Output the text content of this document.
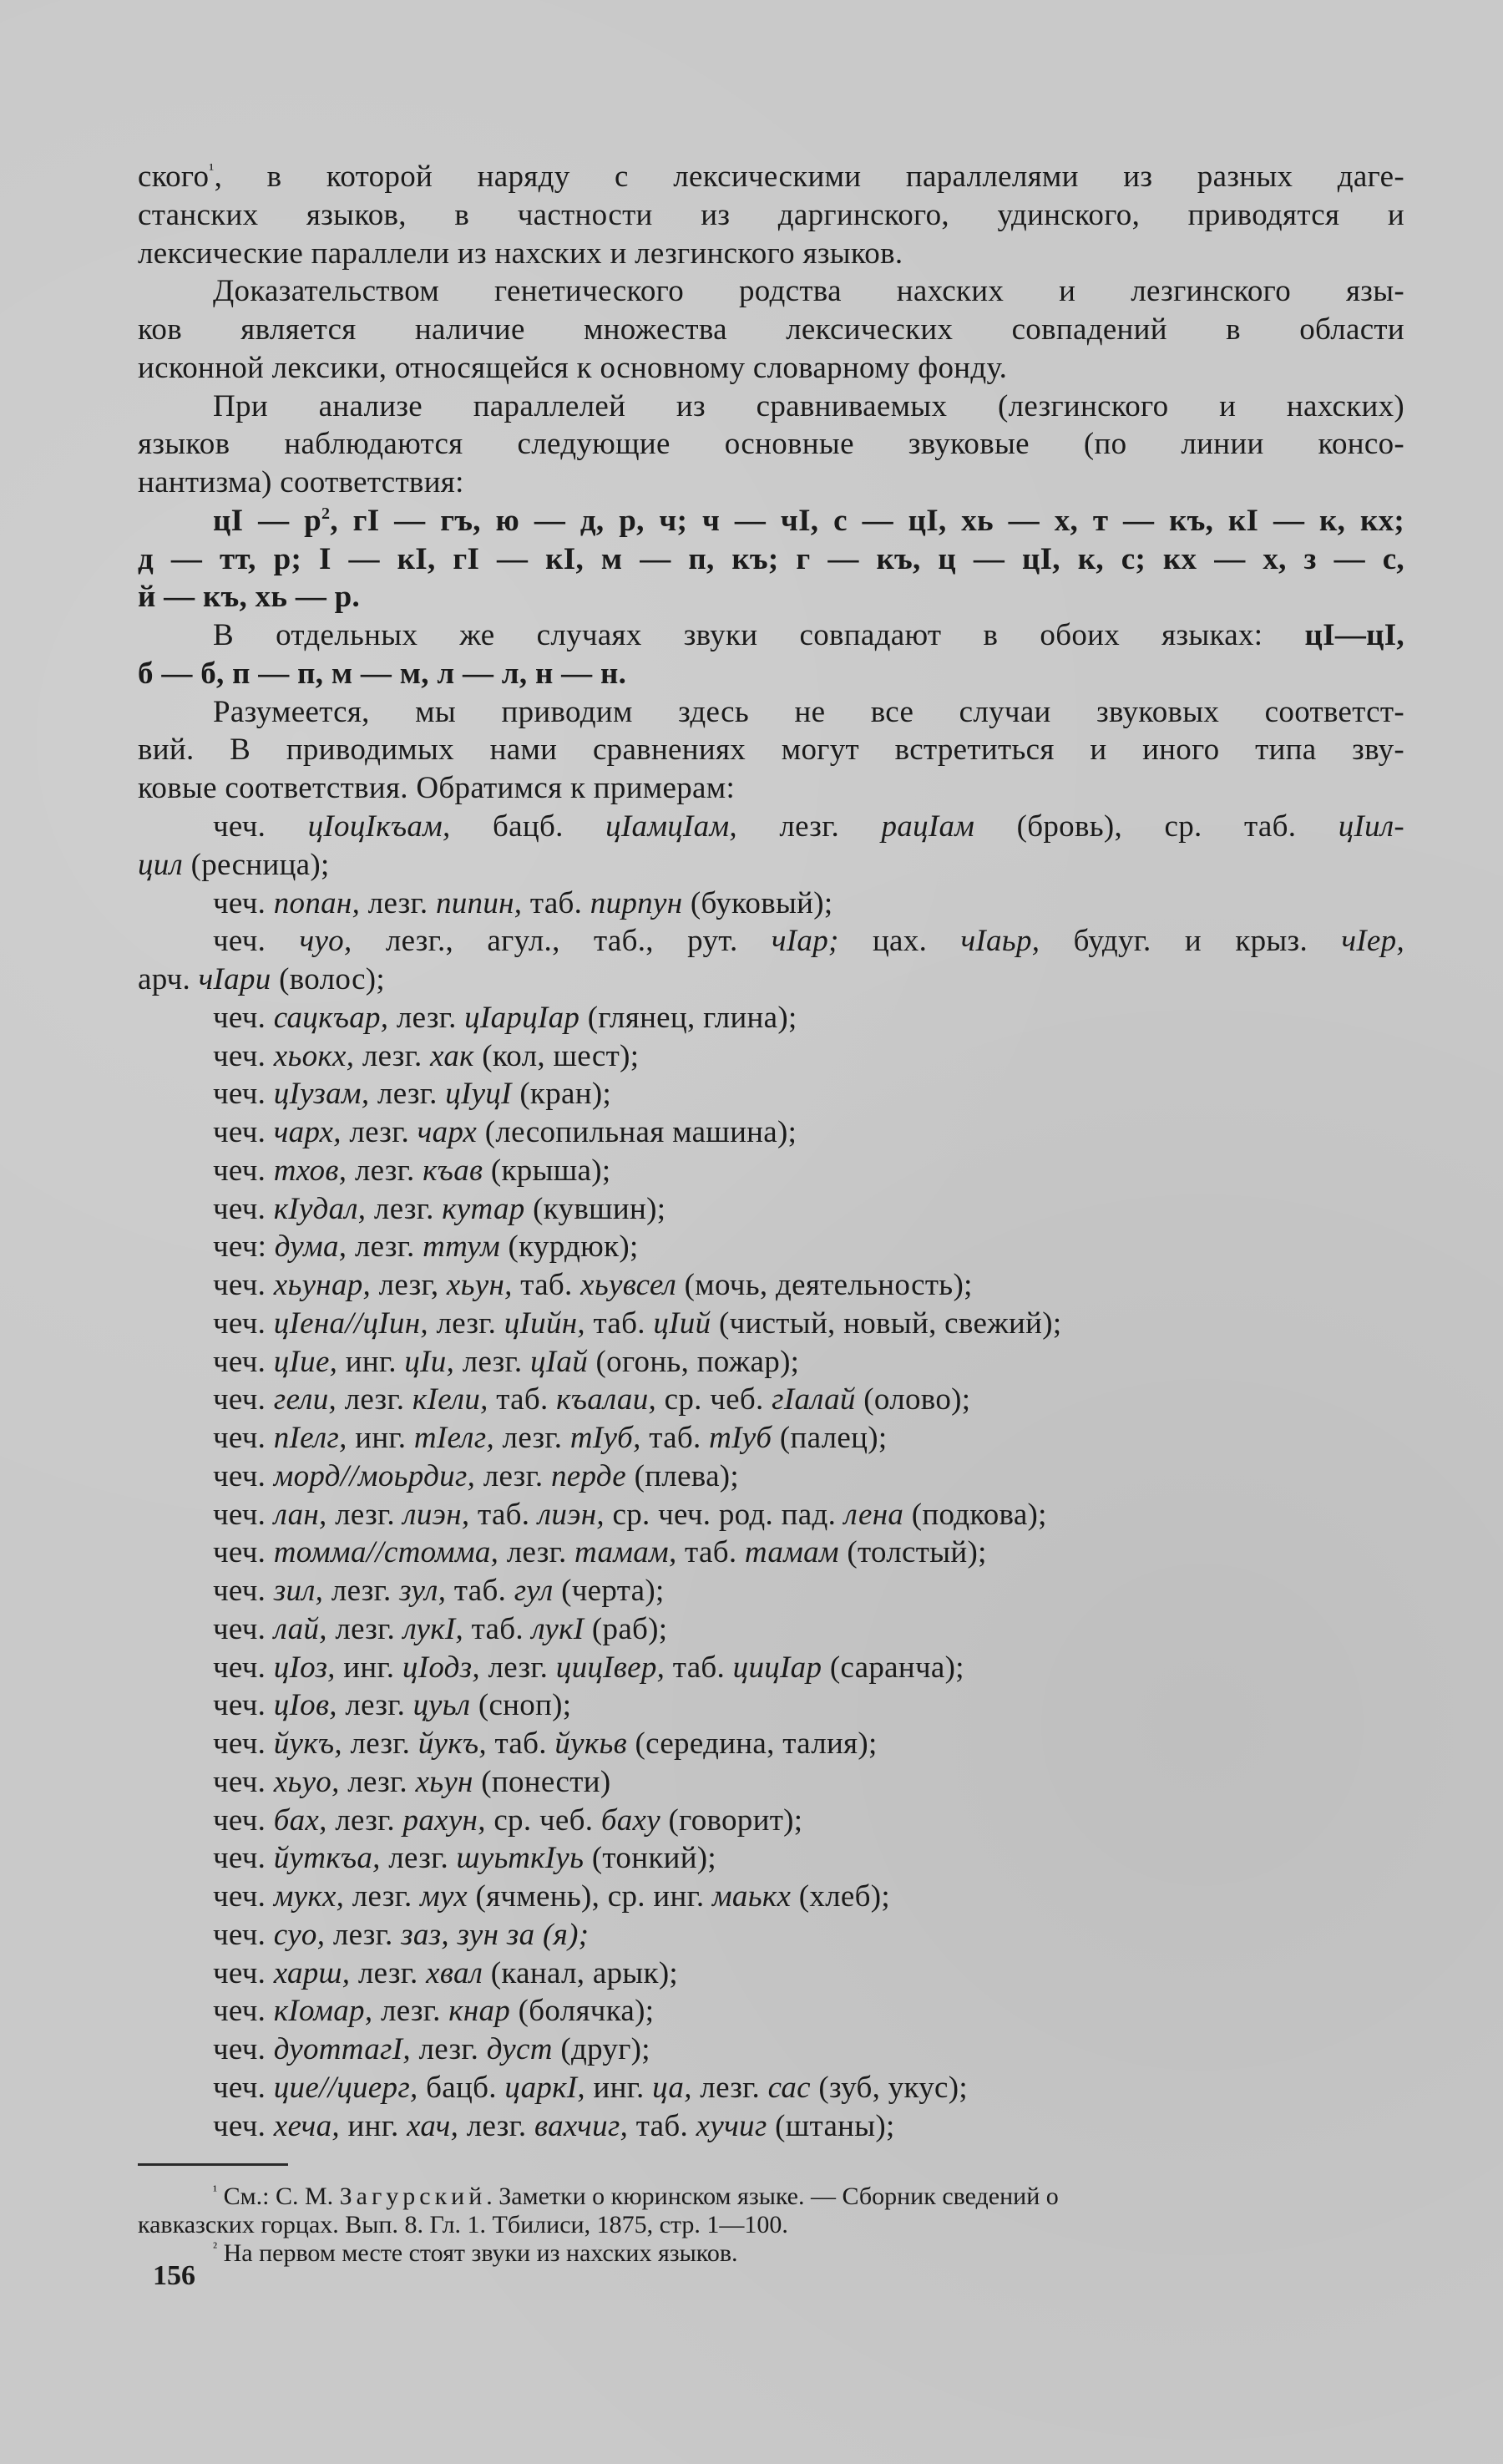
ского$^{^1}$, в которой наряду с лексическими параллелями из разных даге-
станских языков, в частности из даргинского, удинского, приводятся и
лексические параллели из нахских и лезгинского языков.
Доказательством генетического родства нахских и лезгинского язы-
ков является наличие множества лексических совпадений в области
исконной лексики, относящейся к основному словарному фонду.
При анализе параллелей из сравниваемых (лезгинского и нахских)
языков наблюдаются следующие основные звуковые (по линии консо-
нантизма) соответствия:
цI — $р^2$, гI — гъ, ю — д, р, ч; ч — чI, с — цI, хь — х, т — къ, кI — к, кх;
д — тт, р; I — кI, гI — кI, м — п, къ; г — къ, ц — цI, к, с; кх — х, з — с,
й — къ, хь — р.
В отдельных же случаях звуки совпадают в обоих языках: цI—цI,
б — б, п — п, м — м, л — л, н — н.
Разумеется, мы приводим здесь не все случаи звуковых соответст-
вий. В приводимых нами сравнениях могут встретиться и иного типа зву-
ковые соответствия. Обратимся к примерам:
чеч. цIоцIкъам, бацб. цIамцIам, лезг. рацIам (бровь), ср. таб. цIил-
цил (ресница);
чеч. попан, лезг. пипин, таб. пирпун (буковый);
чеч. чуо, лезг., агул., таб., рут. чIар; цах. чIаьр, будуг. и крыз. чIер,
арч. чIари (волос);
чеч. сацкъар, лезг. цIарцIар (глянец, глина);
чеч. хьокх, лезг. хак (кол, шест);
чеч. цIузам, лезг. цIуцI (кран);
чеч. чарх, лезг. чарх (лесопильная машина);
чеч. тхов, лезг. къав (крыша);
чеч. кIудал, лезг. кутар (кувшин);
чеч: дума, лезг. ттум (курдюк);
чеч. хьунар, лезг, хьун, таб. хьувсел (мочь, деятельность);
чеч. цIена//цIин, лезг. цIийн, таб. цIий (чистый, новый, свежий);
чеч. цIие, инг. цIи, лезг. цIай (огонь, пожар);
чеч. гели, лезг. кIели, таб. къалаи, ср. чеб. гIалай (олово);
чеч. пIелг, инг. тIелг, лезг. тIуб, таб. тIуб (палец);
чеч. морд//моьрдиг, лезг. перде (плева);
чеч. лан, лезг. лиэн, таб. лиэн, ср. чеч. род. пад. лена (подкова);
чеч. томма//стомма, лезг. тамам, таб. тамам (толстый);
чеч. зил, лезг. зул, таб. гул (черта);
чеч. лай, лезг. лукI, таб. лукI (раб);
чеч. цIоз, инг. цIодз, лезг. цицIвер, таб. цицIар (саранча);
чеч. цIов, лезг. цуьл (сноп);
чеч. йукъ, лезг. йукъ, таб. йукьв (середина, талия);
чеч. хьуо, лезг. хьун (понести)
чеч. бах, лезг. рахун, ср. чеб. баху (говорит);
чеч. йуткъа, лезг. шуьткIуь (тонкий);
чеч. мукх, лезг. мух (ячмень), ср. инг. маькх (хлеб);
чеч. суо, лезг. заз, зун за (я);
чеч. харш, лезг. хвал (канал, арык);
чеч. кIомар, лезг. кнар (болячка);
чеч. дуоттагI, лезг. дуст (друг);
чеч. цие//циерг, бацб. царкI, инг. ца, лезг. сас (зуб, укус);
чеч. хеча, инг. хач, лезг. вахчиг, таб. хучиг (штаны);
$^{^1}$ См.: С. М. Загурский. Заметки о кюринском языке. — Сборник сведений о
кавказских горцах. Вып. 8. Гл. 1. Тбилиси, 1875, стр. 1—100.
$^{^2}$ На первом месте стоят звуки из нахских языков.
156
